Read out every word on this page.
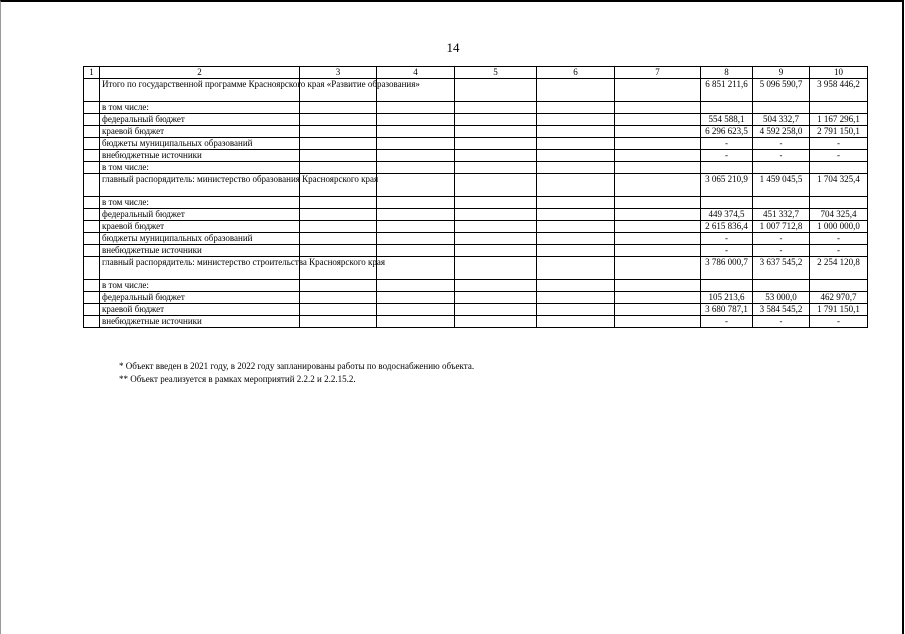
14
1	2	3	4	5	6	7	8	9	10
	Итого по государственной программе Красноярского края «Развитие образования»						6 851 211,6	5 096 590,7	3 958 446,2
	в том числе:								
	федеральный бюджет						554 588,1	504 332,7	1 167 296,1
	краевой бюджет						6 296 623,5	4 592 258,0	2 791 150,1
	бюджеты муниципальных образований						-	-	-
	внебюджетные источники						-	-	-
	в том числе:								
	главный распорядитель: министерство образования Красноярского края						3 065 210,9	1 459 045,5	1 704 325,4
	в том числе:								
	федеральный бюджет						449 374,5	451 332,7	704 325,4
	краевой бюджет						2 615 836,4	1 007 712,8	1 000 000,0
	бюджеты муниципальных образований						-	-	-
	внебюджетные источники						-	-	-
	главный распорядитель: министерство строительства Красноярского края						3 786 000,7	3 637 545,2	2 254 120,8
	в том числе:								
	федеральный бюджет						105 213,6	53 000,0	462 970,7
	краевой бюджет						3 680 787,1	3 584 545,2	1 791 150,1
	внебюджетные источники						-	-	-
* Объект введен в 2021 году, в 2022 году запланированы работы по водоснабжению объекта.
** Объект реализуется в рамках мероприятий 2.2.2 и 2.2.15.2.
